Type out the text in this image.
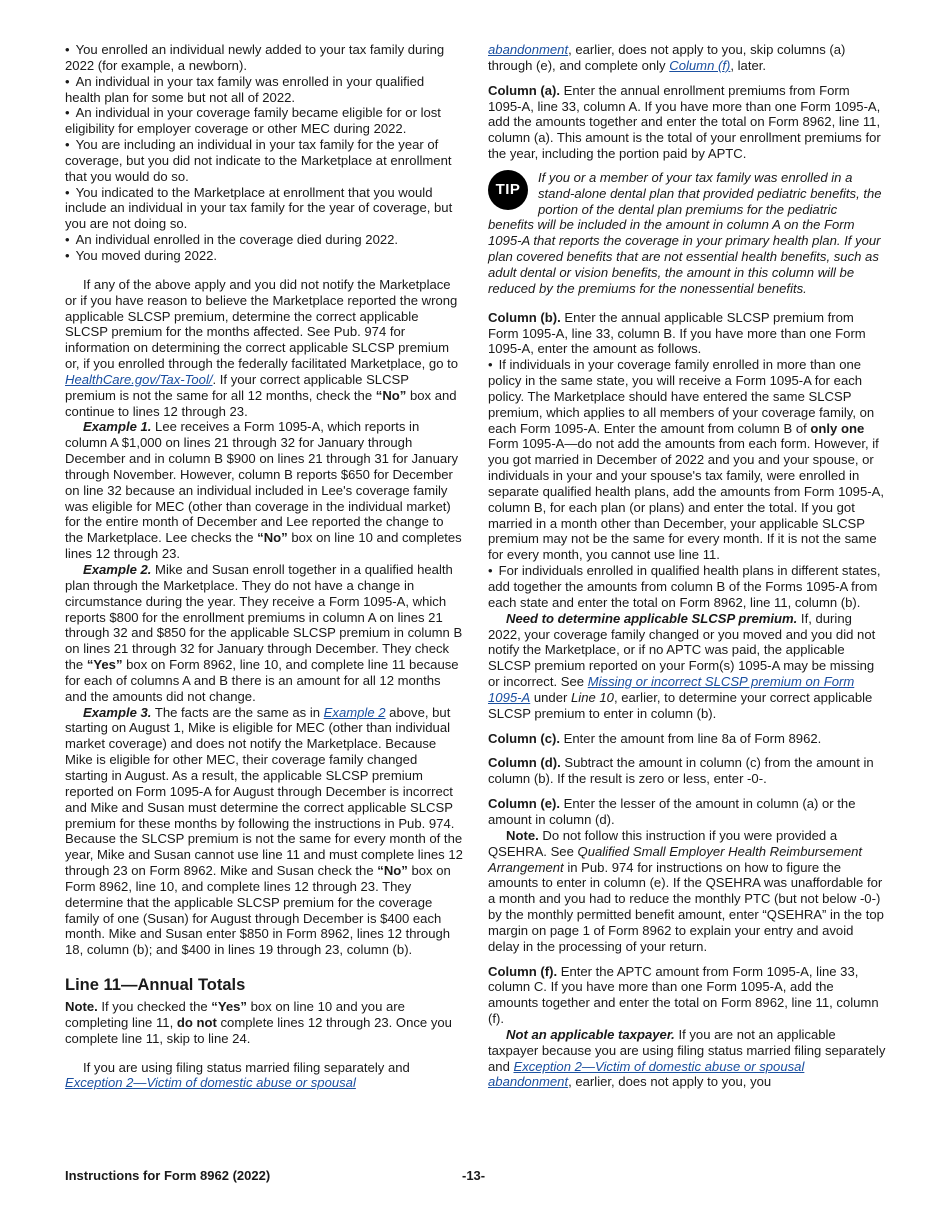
• You enrolled an individual newly added to your tax family during 2022 (for example, a newborn).

• An individual in your tax family was enrolled in your qualified health plan for some but not all of 2022.

• An individual in your coverage family became eligible for or lost eligibility for employer coverage or other MEC during 2022.

• You are including an individual in your tax family for the year of coverage, but you did not indicate to the Marketplace at enrollment that you would do so.

• You indicated to the Marketplace at enrollment that you would include an individual in your tax family for the year of coverage, but you are not doing so.

• An individual enrolled in the coverage died during 2022.

• You moved during 2022.

If any of the above apply and you did not notify the Marketplace or if you have reason to believe the Marketplace reported the wrong applicable SLCSP premium, determine the correct applicable SLCSP premium for the months affected. See Pub. 974 for information on determining the correct applicable SLCSP premium or, if you enrolled through the federally facilitated Marketplace, go to HealthCare.gov/Tax-Tool/. If your correct applicable SLCSP premium is not the same for all 12 months, check the “No” box and continue to lines 12 through 23.

Example 1. Lee receives a Form 1095-A, which reports in column A $1,000 on lines 21 through 32 for January through December and in column B $900 on lines 21 through 31 for January through November. However, column B reports $650 for December on line 32 because an individual included in Lee's coverage family was eligible for MEC (other than coverage in the individual market) for the entire month of December and Lee reported the change to the Marketplace. Lee checks the “No” box on line 10 and completes lines 12 through 23.

Example 2. Mike and Susan enroll together in a qualified health plan through the Marketplace. They do not have a change in circumstance during the year. They receive a Form 1095-A, which reports $800 for the enrollment premiums in column A on lines 21 through 32 and $850 for the applicable SLCSP premium in column B on lines 21 through 32 for January through December. They check the “Yes” box on Form 8962, line 10, and complete line 11 because for each of columns A and B there is an amount for all 12 months and the amounts did not change.

Example 3. The facts are the same as in Example 2 above, but starting on August 1, Mike is eligible for MEC (other than individual market coverage) and does not notify the Marketplace. Because Mike is eligible for other MEC, their coverage family changed starting in August. As a result, the applicable SLCSP premium reported on Form 1095-A for August through December is incorrect and Mike and Susan must determine the correct applicable SLCSP premium for these months by following the instructions in Pub. 974. Because the SLCSP premium is not the same for every month of the year, Mike and Susan cannot use line 11 and must complete lines 12 through 23 on Form 8962. Mike and Susan check the “No” box on Form 8962, line 10, and complete lines 12 through 23. They determine that the applicable SLCSP premium for the coverage family of one (Susan) for August through December is $400 each month. Mike and Susan enter $850 in Form 8962, lines 12 through 18, column (b); and $400 in lines 19 through 23, column (b).

Line 11—Annual Totals

Note. If you checked the “Yes” box on line 10 and you are completing line 11, do not complete lines 12 through 23. Once you complete line 11, skip to line 24.

If you are using filing status married filing separately and Exception 2—Victim of domestic abuse or spousal

abandonment, earlier, does not apply to you, skip columns (a) through (e), and complete only Column (f), later.

Column (a). Enter the annual enrollment premiums from Form 1095-A, line 33, column A. If you have more than one Form 1095-A, add the amounts together and enter the total on Form 8962, line 11, column (a). This amount is the total of your enrollment premiums for the year, including the portion paid by APTC.

TIP

If you or a member of your tax family was enrolled in a stand-alone dental plan that provided pediatric benefits, the portion of the dental plan premiums for the pediatric benefits will be included in the amount in column A on the Form 1095-A that reports the coverage in your primary health plan. If your plan covered benefits that are not essential health benefits, such as adult dental or vision benefits, the amount in this column will be reduced by the premiums for the nonessential benefits.

Column (b). Enter the annual applicable SLCSP premium from Form 1095-A, line 33, column B. If you have more than one Form 1095-A, enter the amount as follows.

• If individuals in your coverage family enrolled in more than one policy in the same state, you will receive a Form 1095-A for each policy. The Marketplace should have entered the same SLCSP premium, which applies to all members of your coverage family, on each Form 1095-A. Enter the amount from column B of only one Form 1095-A—do not add the amounts from each form. However, if you got married in December of 2022 and you and your spouse, or individuals in your and your spouse's tax family, were enrolled in separate qualified health plans, add the amounts from Form 1095-A, column B, for each plan (or plans) and enter the total. If you got married in a month other than December, your applicable SLCSP premium may not be the same for every month. If it is not the same for every month, you cannot use line 11.

• For individuals enrolled in qualified health plans in different states, add together the amounts from column B of the Forms 1095-A from each state and enter the total on Form 8962, line 11, column (b).

Need to determine applicable SLCSP premium. If, during 2022, your coverage family changed or you moved and you did not notify the Marketplace, or if no APTC was paid, the applicable SLCSP premium reported on your Form(s) 1095-A may be missing or incorrect. See Missing or incorrect SLCSP premium on Form 1095-A under Line 10, earlier, to determine your correct applicable SLCSP premium to enter in column (b).

Column (c). Enter the amount from line 8a of Form 8962.

Column (d). Subtract the amount in column (c) from the amount in column (b). If the result is zero or less, enter -0-.

Column (e). Enter the lesser of the amount in column (a) or the amount in column (d).

Note. Do not follow this instruction if you were provided a QSEHRA. See Qualified Small Employer Health Reimbursement Arrangement in Pub. 974 for instructions on how to figure the amounts to enter in column (e). If the QSEHRA was unaffordable for a month and you had to reduce the monthly PTC (but not below -0-) by the monthly permitted benefit amount, enter “QSEHRA” in the top margin on page 1 of Form 8962 to explain your entry and avoid delay in the processing of your return.

Column (f). Enter the APTC amount from Form 1095-A, line 33, column C. If you have more than one Form 1095-A, add the amounts together and enter the total on Form 8962, line 11, column (f).

Not an applicable taxpayer. If you are not an applicable taxpayer because you are using filing status married filing separately and Exception 2—Victim of domestic abuse or spousal abandonment, earlier, does not apply to you, you

Instructions for Form 8962 (2022)	-13-
